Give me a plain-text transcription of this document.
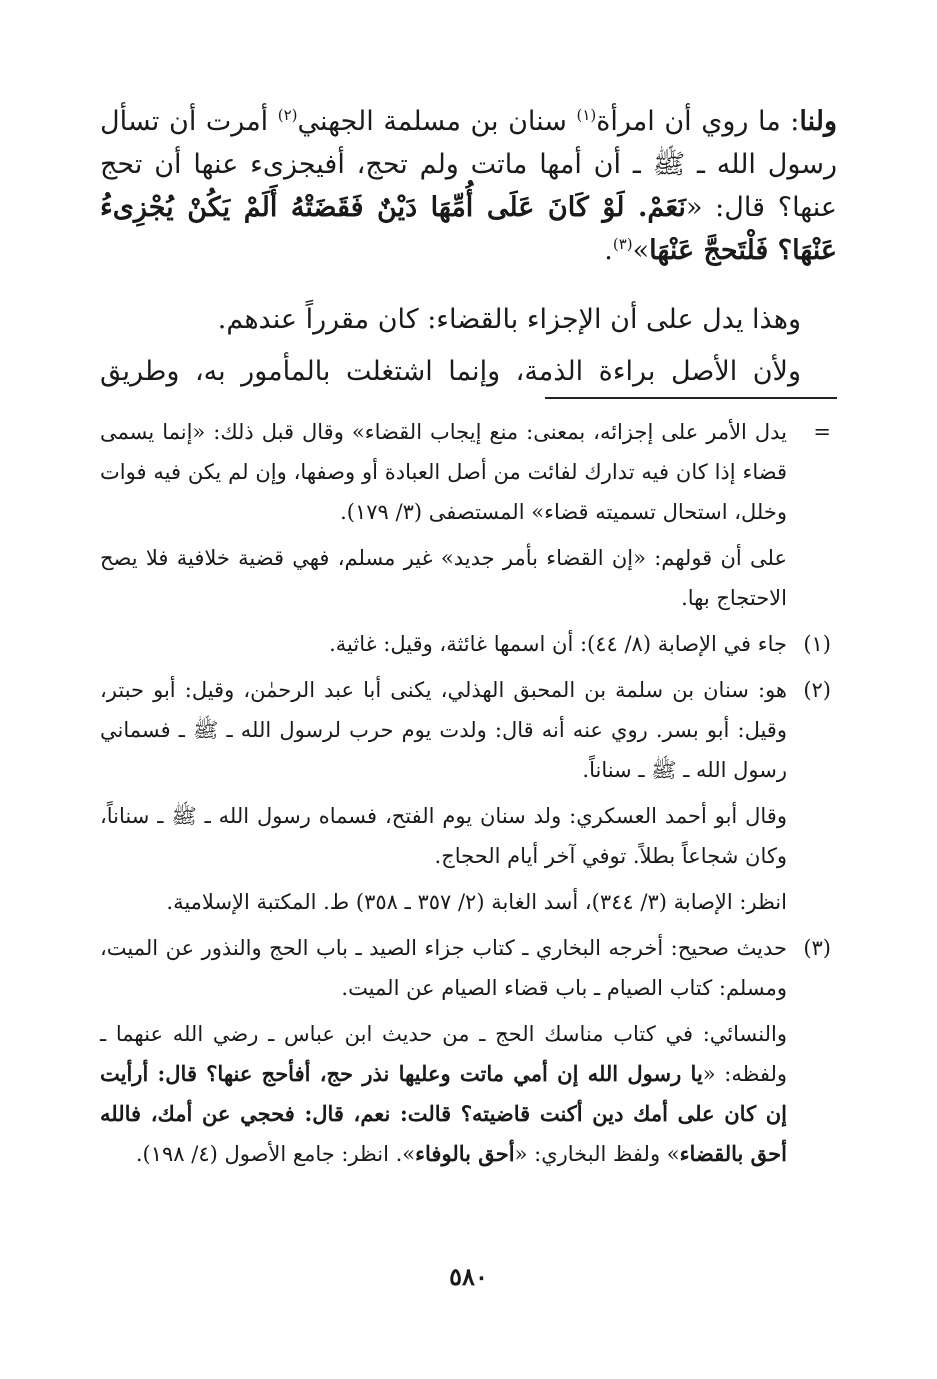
ولنا: ما روي أن امرأة$^{(١)}$ سنان بن مسلمة الجهني$^{(٢)}$ أمرت أن تسأل رسول الله ـ ﷺ ـ أن أمها ماتت ولم تحج، أفيجزىء عنها أن تحج عنها؟ قال: «نَعَمْ. لَوْ كَانَ عَلَى أُمِّهَا دَيْنٌ فَقَضَتْهُ أَلَمْ يَكُنْ يُجْزِىءُ عَنْهَا؟ فَلْتَحجَّ عَنْهَا»$^{(٣)}$.

وهذا يدل على أن الإجزاء بالقضاء: كان مقرراً عندهم.

ولأن الأصل براءة الذمة، وإنما اشتغلت بالمأمور به، وطريق

=
يدل الأمر على إجزائه، بمعنى: منع إيجاب القضاء» وقال قبل ذلك: «إنما يسمى قضاء إذا كان فيه تدارك لفائت من أصل العبادة أو وصفها، وإن لم يكن فيه فوات وخلل، استحال تسميته قضاء» المستصفى (٣/ ١٧٩).
على أن قولهم: «إن القضاء بأمر جديد» غير مسلم، فهي قضية خلافية فلا يصح الاحتجاج بها.
(١)
جاء في الإصابة (٨/ ٤٤): أن اسمها غائثة، وقيل: غاثية.
(٢)
هو: سنان بن سلمة بن المحبق الهذلي، يكنى أبا عبد الرحمٰن، وقيل: أبو حبتر، وقيل: أبو بسر. روي عنه أنه قال: ولدت يوم حرب لرسول الله ـ ﷺ ـ فسماني رسول الله ـ ﷺ ـ سناناً.
وقال أبو أحمد العسكري: ولد سنان يوم الفتح، فسماه رسول الله ـ ﷺ ـ سناناً، وكان شجاعاً بطلاً. توفي آخر أيام الحجاج.
انظر: الإصابة (٣/ ٣٤٤)، أسد الغابة (٢/ ٣٥٧ ـ ٣٥٨) ط. المكتبة الإسلامية.
(٣)
حديث صحيح: أخرجه البخاري ـ كتاب جزاء الصيد ـ باب الحج والنذور عن الميت، ومسلم: كتاب الصيام ـ باب قضاء الصيام عن الميت.
والنسائي: في كتاب مناسك الحج ـ من حديث ابن عباس ـ رضي الله عنهما ـ ولفظه: «يا رسول الله إن أمي ماتت وعليها نذر حج، أفأحج عنها؟ قال: أرأيت إن كان على أمك دين أكنت قاضيته؟ قالت: نعم، قال: فحجي عن أمك، فالله أحق بالقضاء» ولفظ البخاري: «أحق بالوفاء». انظر: جامع الأصول (٤/ ١٩٨).
٥٨٠
